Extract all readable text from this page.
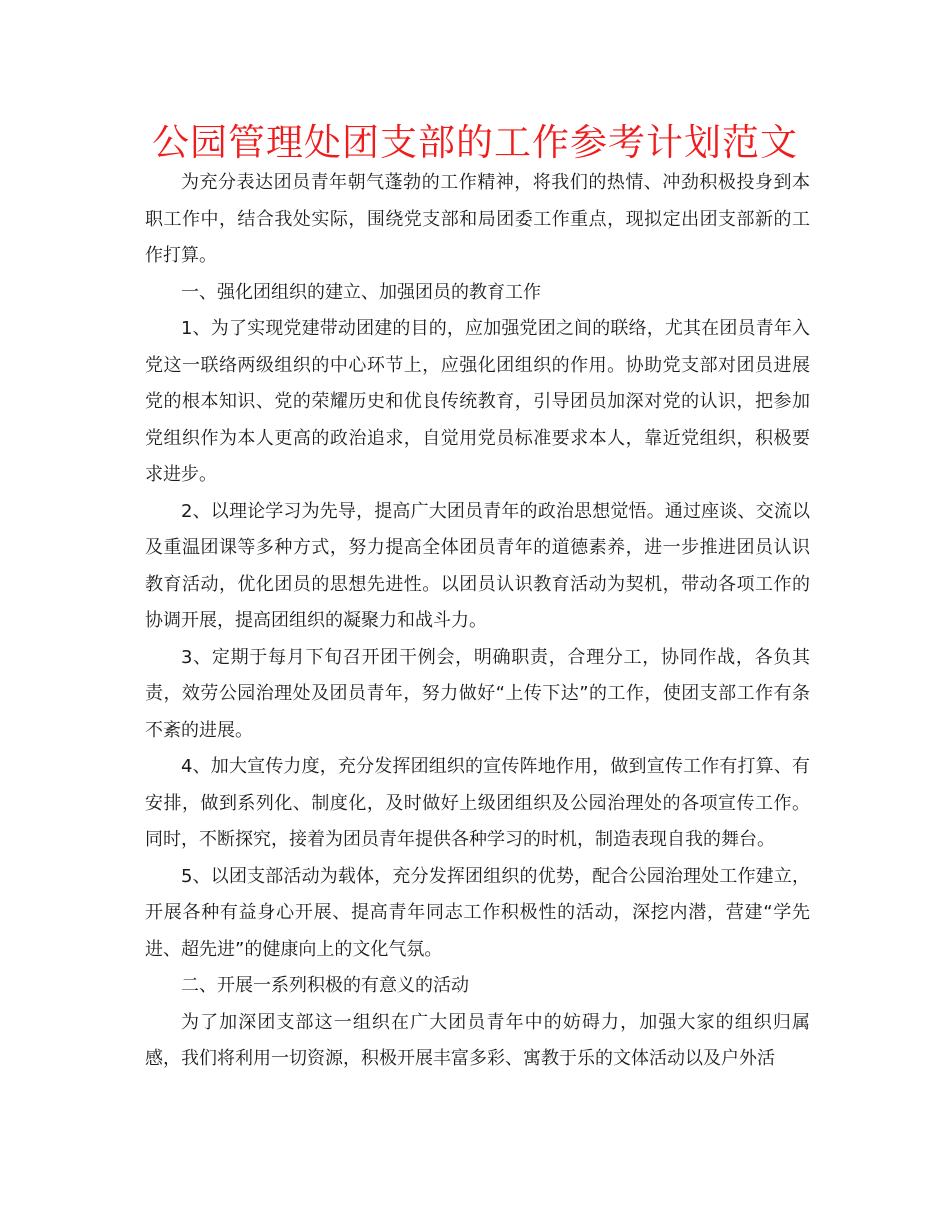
公园管理处团支部的工作参考计划范文

为充分表达团员青年朝气蓬勃的工作精神，将我们的热情、冲劲积极投身到本职工作中，结合我处实际，围绕党支部和局团委工作重点，现拟定出团支部新的工作打算。

一、强化团组织的建立、加强团员的教育工作

1、为了实现党建带动团建的目的，应加强党团之间的联络，尤其在团员青年入党这一联络两级组织的中心环节上，应强化团组织的作用。协助党支部对团员进展党的根本知识、党的荣耀历史和优良传统教育，引导团员加深对党的认识，把参加党组织作为本人更高的政治追求，自觉用党员标准要求本人，靠近党组织，积极要求进步。

2、以理论学习为先导，提高广大团员青年的政治思想觉悟。通过座谈、交流以及重温团课等多种方式，努力提高全体团员青年的道德素养，进一步推进团员认识教育活动，优化团员的思想先进性。以团员认识教育活动为契机，带动各项工作的协调开展，提高团组织的凝聚力和战斗力。

3、定期于每月下旬召开团干例会，明确职责，合理分工，协同作战，各负其责，效劳公园治理处及团员青年，努力做好“上传下达”的工作，使团支部工作有条不紊的进展。

4、加大宣传力度，充分发挥团组织的宣传阵地作用，做到宣传工作有打算、有安排，做到系列化、制度化，及时做好上级团组织及公园治理处的各项宣传工作。同时，不断探究，接着为团员青年提供各种学习的时机，制造表现自我的舞台。

5、以团支部活动为载体，充分发挥团组织的优势，配合公园治理处工作建立，开展各种有益身心开展、提高青年同志工作积极性的活动，深挖内潜，营建“学先进、超先进”的健康向上的文化气氛。

二、开展一系列积极的有意义的活动

为了加深团支部这一组织在广大团员青年中的妨碍力，加强大家的组织归属感，我们将利用一切资源，积极开展丰富多彩、寓教于乐的文体活动以及户外活
